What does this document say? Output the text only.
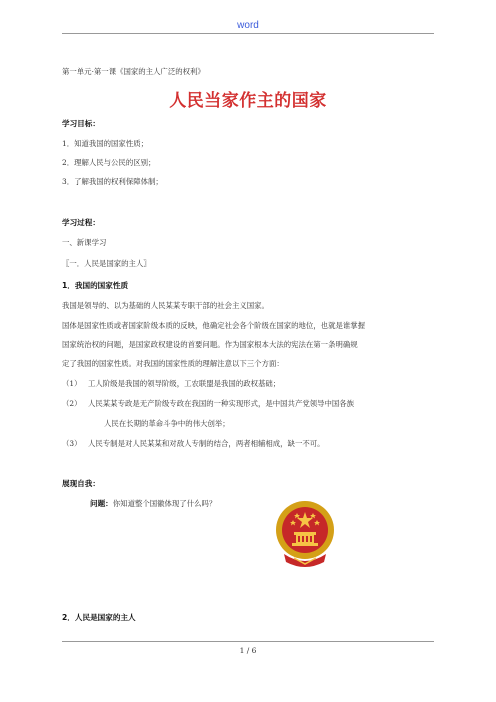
word
第一单元·第一课《国家的主人广泛的权利》
人民当家作主的国家
学习目标：
1．知道我国的国家性质；
2．理解人民与公民的区别；
3．了解我国的权利保障体制；
学习过程：
一、新课学习
〖一．人民是国家的主人〗
1．我国的国家性质
我国是领导的、以为基础的人民某某专职干部的社会主义国家。
国体是国家性质或者国家阶级本质的反映，他确定社会各个阶级在国家的地位，也就是谁掌握
国家统治权的问题，是国家政权建设的首要问题。作为国家根本大法的宪法在第一条明确规
定了我国的国家性质。对我国的国家性质的理解注意以下三个方面：
（1） 工人阶级是我国的领导阶级，工农联盟是我国的政权基础；
（2） 人民某某专政是无产阶级专政在我国的一种实现形式，是中国共产党领导中国各族
人民在长期的革命斗争中的伟大创举；
（3） 人民专制是对人民某某和对敌人专制的结合，两者相辅相成，缺一不可。
展现自我：
问题：你知道整个国徽体现了什么吗？
2．人民是国家的主人
1 / 6
